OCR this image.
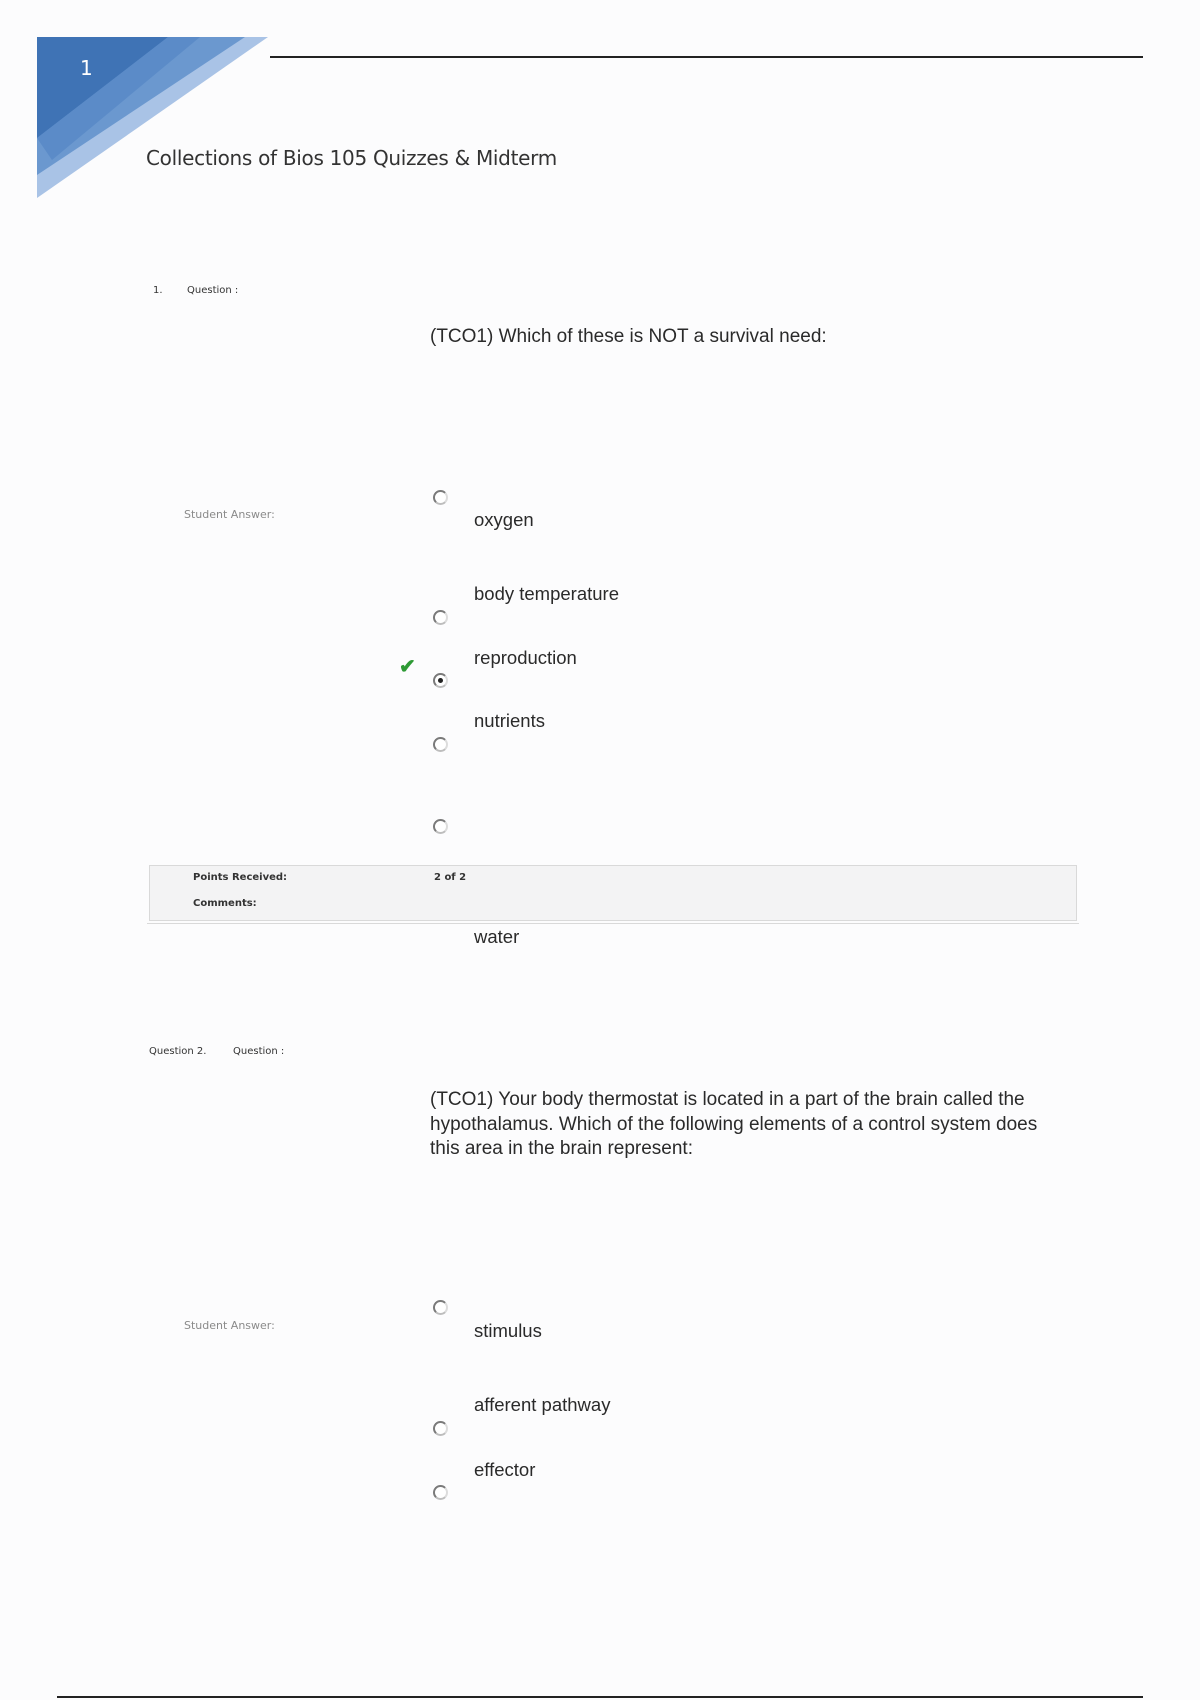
1
Collections of Bios 105 Quizzes & Midterm
1. Question :
(TCO1) Which of these is NOT a survival need:
Student Answer:	oxygen
body temperature
reproduction
✔
nutrients
Points Received:	2 of 2
Comments:
water
Question 2.	Question :
(TCO1) Your body thermostat is located in a part of the brain called the
hypothalamus. Which of the following elements of a control system does
this area in the brain represent:
Student Answer:	stimulus
afferent pathway
effector
